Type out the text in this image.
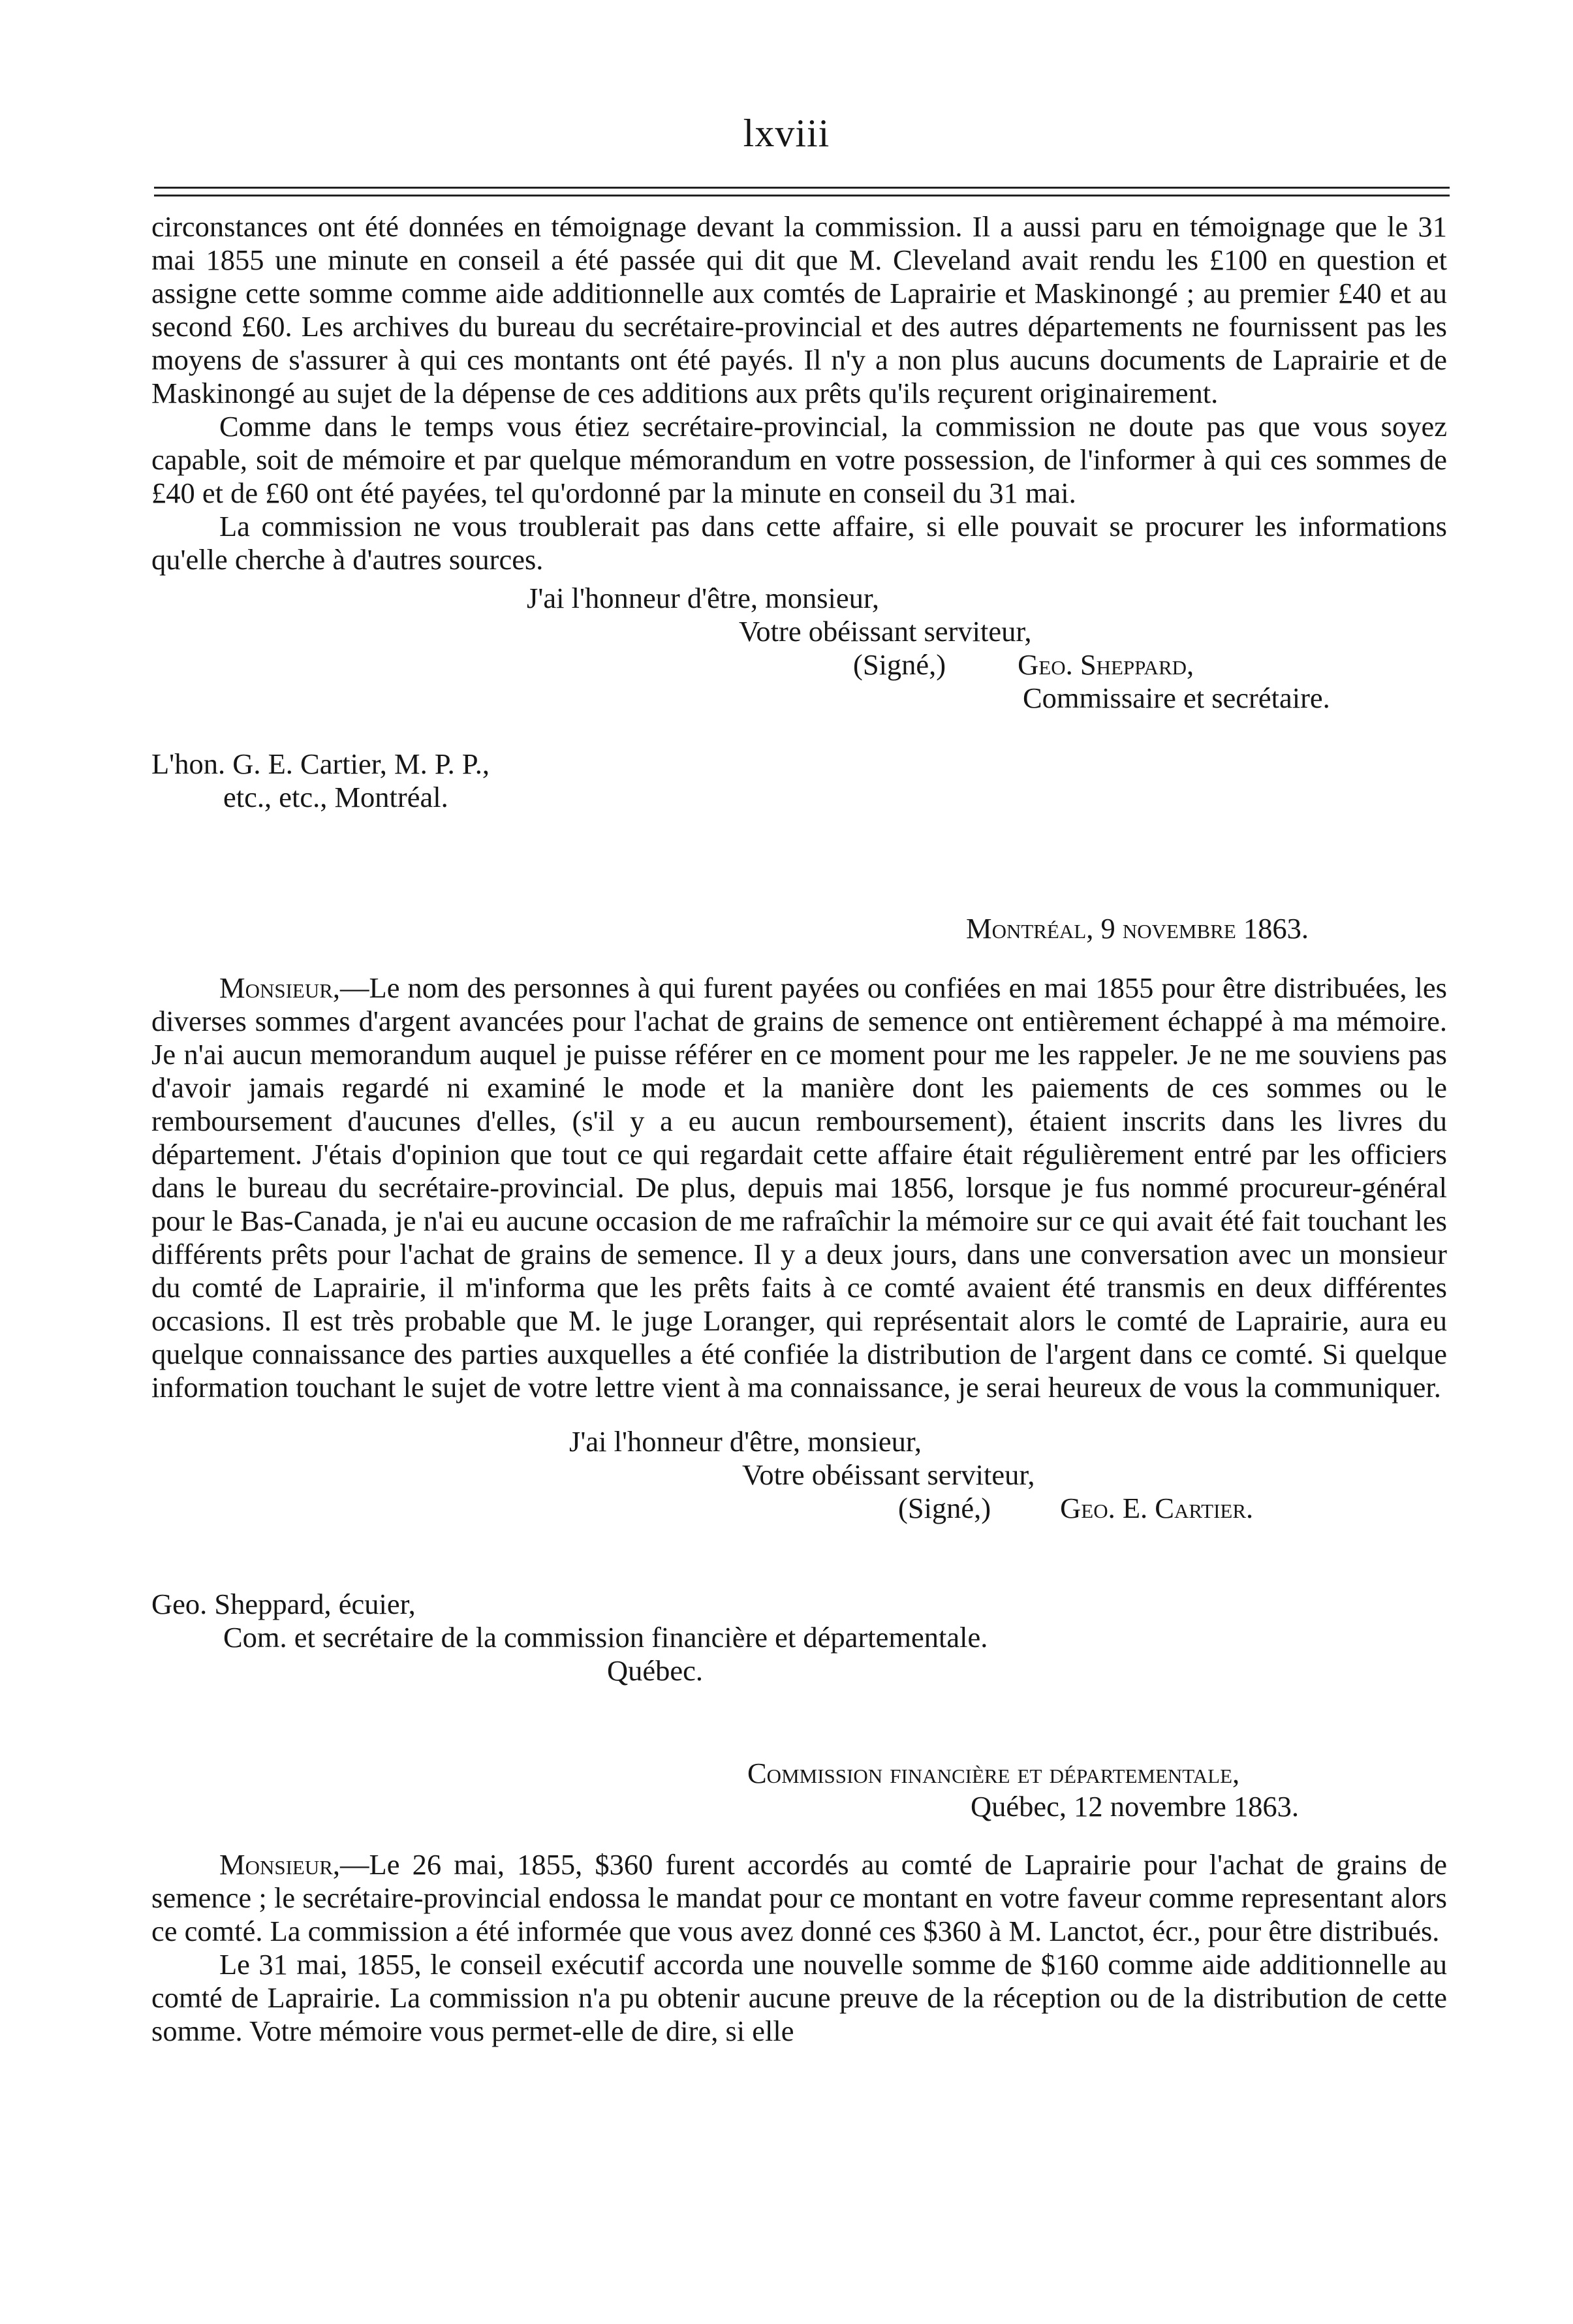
lxviii

circonstances ont été données en témoignage devant la commission. Il a aussi paru en témoignage que le 31 mai 1855 une minute en conseil a été passée qui dit que M. Cleveland avait rendu les £100 en question et assigne cette somme comme aide additionnelle aux comtés de Laprairie et Maskinongé ; au premier £40 et au second £60. Les archives du bureau du secrétaire-provincial et des autres départements ne fournissent pas les moyens de s'assurer à qui ces montants ont été payés. Il n'y a non plus aucuns documents de Laprairie et de Maskinongé au sujet de la dépense de ces additions aux prêts qu'ils reçurent originairement.

Comme dans le temps vous étiez secrétaire-provincial, la commission ne doute pas que vous soyez capable, soit de mémoire et par quelque mémorandum en votre possession, de l'informer à qui ces sommes de £40 et de £60 ont été payées, tel qu'ordonné par la minute en conseil du 31 mai.

La commission ne vous troublerait pas dans cette affaire, si elle pouvait se procurer les informations qu'elle cherche à d'autres sources.

J'ai l'honneur d'être, monsieur,
Votre obéissant serviteur,
(Signé,) Geo. Sheppard,
Commissaire et secrétaire.
L'hon. G. E. Cartier, M. P. P.,
etc., etc., Montréal.
Montréal, 9 novembre 1863.

Monsieur,—Le nom des personnes à qui furent payées ou confiées en mai 1855 pour être distribuées, les diverses sommes d'argent avancées pour l'achat de grains de semence ont entièrement échappé à ma mémoire. Je n'ai aucun memorandum auquel je puisse référer en ce moment pour me les rappeler. Je ne me souviens pas d'avoir jamais regardé ni examiné le mode et la manière dont les paiements de ces sommes ou le remboursement d'aucunes d'elles, (s'il y a eu aucun remboursement), étaient inscrits dans les livres du département. J'étais d'opinion que tout ce qui regardait cette affaire était régulièrement entré par les officiers dans le bureau du secrétaire-provincial. De plus, depuis mai 1856, lorsque je fus nommé procureur-général pour le Bas-Canada, je n'ai eu aucune occasion de me rafraîchir la mémoire sur ce qui avait été fait touchant les différents prêts pour l'achat de grains de semence. Il y a deux jours, dans une conversation avec un monsieur du comté de Laprairie, il m'informa que les prêts faits à ce comté avaient été transmis en deux différentes occasions. Il est très probable que M. le juge Loranger, qui représentait alors le comté de Laprairie, aura eu quelque connaissance des parties auxquelles a été confiée la distribution de l'argent dans ce comté. Si quelque information touchant le sujet de votre lettre vient à ma connaissance, je serai heureux de vous la communiquer.

J'ai l'honneur d'être, monsieur,
Votre obéissant serviteur,
(Signé,) Geo. E. Cartier.
Geo. Sheppard, écuier,
Com. et secrétaire de la commission financière et départementale.
Québec.
Commission financière et départementale,
Québec, 12 novembre 1863.

Monsieur,—Le 26 mai, 1855, $360 furent accordés au comté de Laprairie pour l'achat de grains de semence ; le secrétaire-provincial endossa le mandat pour ce montant en votre faveur comme representant alors ce comté. La commission a été informée que vous avez donné ces $360 à M. Lanctot, écr., pour être distribués.

Le 31 mai, 1855, le conseil exécutif accorda une nouvelle somme de $160 comme aide additionnelle au comté de Laprairie. La commission n'a pu obtenir aucune preuve de la réception ou de la distribution de cette somme. Votre mémoire vous permet-elle de dire, si elle
